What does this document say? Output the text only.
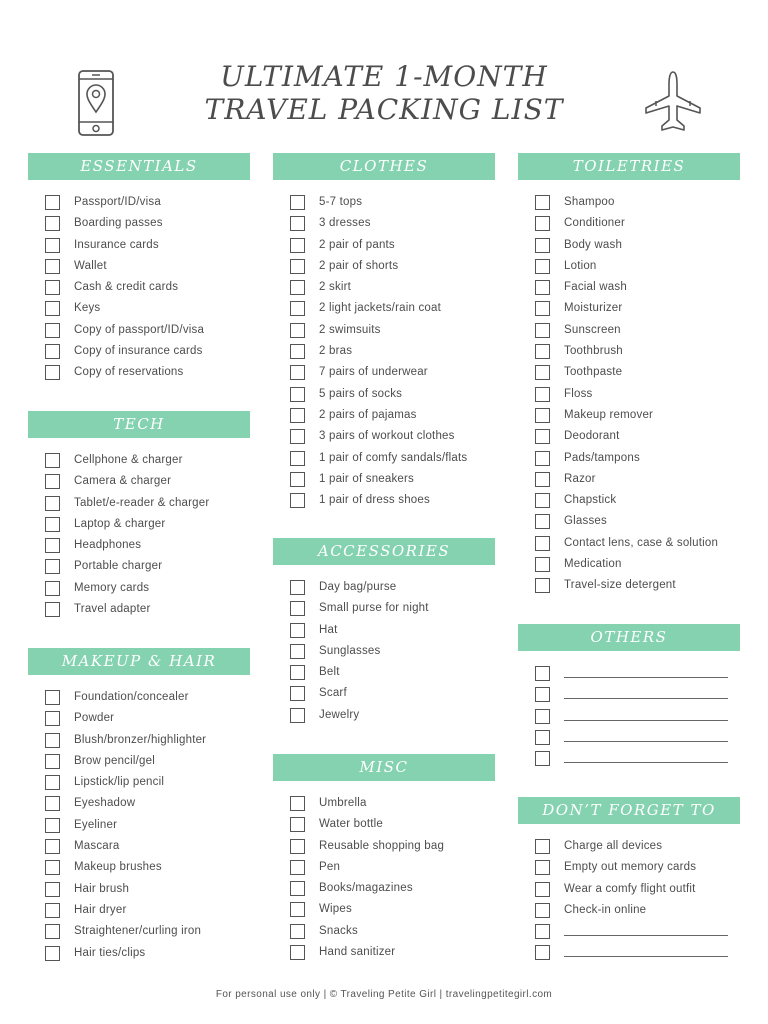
ULTIMATE 1-MONTH
TRAVEL PACKING LIST
ESSENTIALS
Passport/ID/visa
Boarding passes
Insurance cards
Wallet
Cash & credit cards
Keys
Copy of passport/ID/visa
Copy of insurance cards
Copy of reservations
TECH
Cellphone & charger
Camera & charger
Tablet/e-reader & charger
Laptop & charger
Headphones
Portable charger
Memory cards
Travel adapter
MAKEUP & HAIR
Foundation/concealer
Powder
Blush/bronzer/highlighter
Brow pencil/gel
Lipstick/lip pencil
Eyeshadow
Eyeliner
Mascara
Makeup brushes
Hair brush
Hair dryer
Straightener/curling iron
Hair ties/clips
CLOTHES
5-7 tops
3 dresses
2 pair of pants
2 pair of shorts
2 skirt
2 light jackets/rain coat
2 swimsuits
2 bras
7 pairs of underwear
5 pairs of socks
2 pairs of pajamas
3 pairs of workout clothes
1 pair of comfy sandals/flats
1 pair of sneakers
1 pair of dress shoes
ACCESSORIES
Day bag/purse
Small purse for night
Hat
Sunglasses
Belt
Scarf
Jewelry
MISC
Umbrella
Water bottle
Reusable shopping bag
Pen
Books/magazines
Wipes
Snacks
Hand sanitizer
TOILETRIES
Shampoo
Conditioner
Body wash
Lotion
Facial wash
Moisturizer
Sunscreen
Toothbrush
Toothpaste
Floss
Makeup remover
Deodorant
Pads/tampons
Razor
Chapstick
Glasses
Contact lens, case & solution
Medication
Travel-size detergent
OTHERS
DON’T FORGET TO
Charge all devices
Empty out memory cards
Wear a comfy flight outfit
Check-in online
For personal use only | © Traveling Petite Girl | travelingpetitegirl.com
